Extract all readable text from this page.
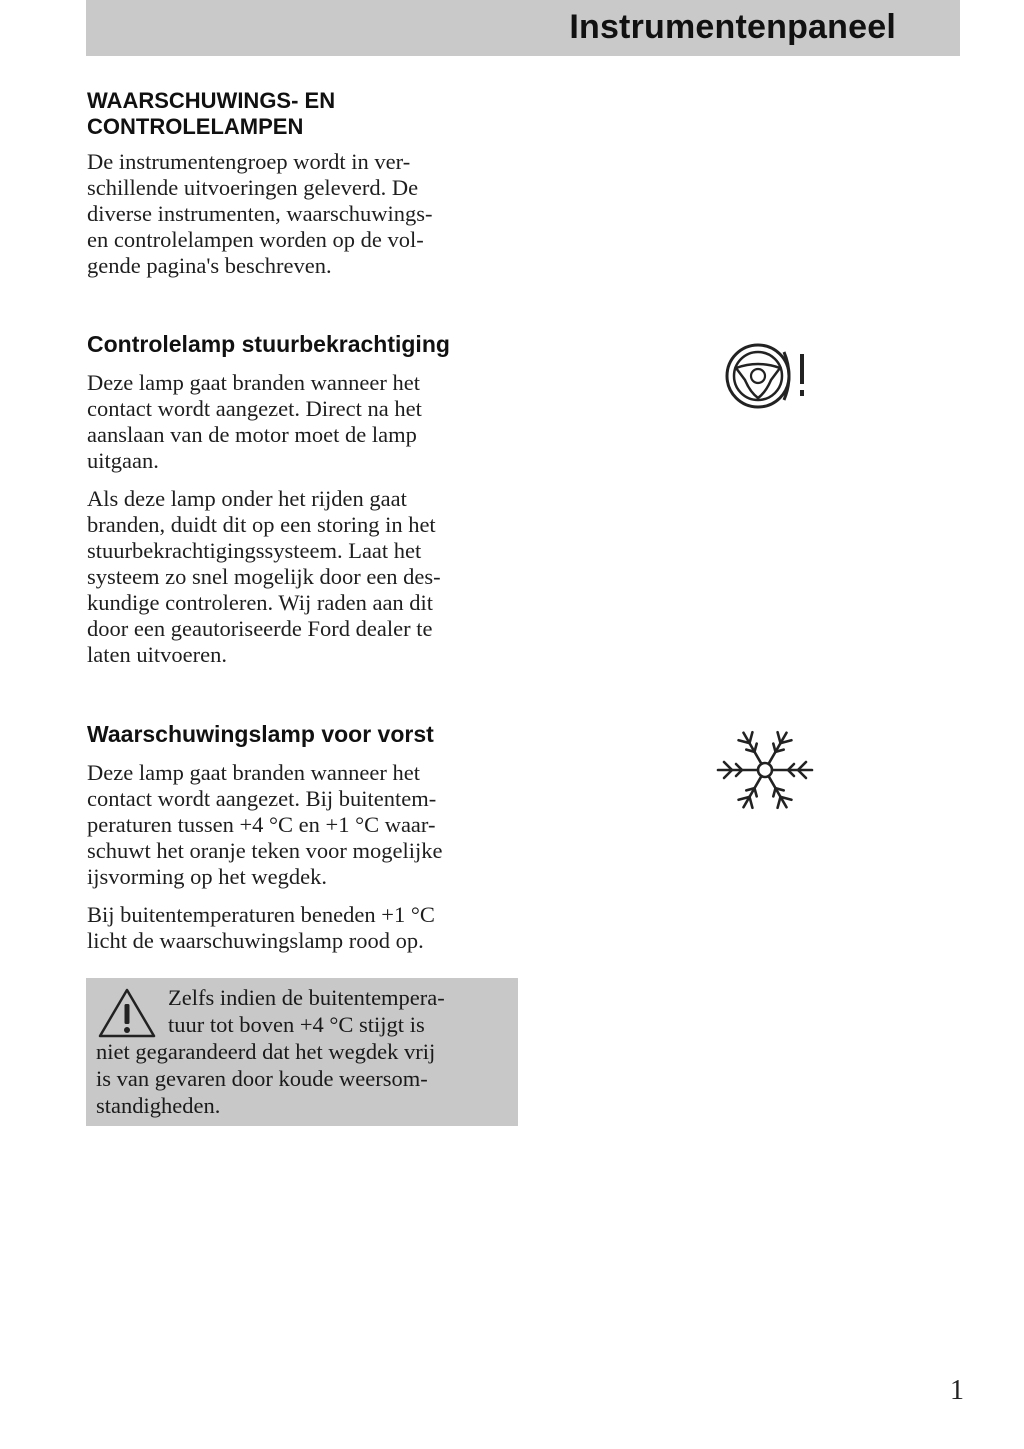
Instrumentenpaneel

WAARSCHUWINGS- EN

CONTROLELAMPEN

De instrumentengroep wordt in ver-

schillende uitvoeringen geleverd. De

diverse instrumenten, waarschuwings-

en controlelampen worden op de vol-

gende pagina's beschreven.

Controlelamp stuurbekrachtiging

Deze lamp gaat branden wanneer het

contact wordt aangezet. Direct na het

aanslaan van de motor moet de lamp

uitgaan.

Als deze lamp onder het rijden gaat

branden, duidt dit op een storing in het

stuurbekrachtigingssysteem. Laat het

systeem zo snel mogelijk door een des-

kundige controleren. Wij raden aan dit

door een geautoriseerde Ford dealer te

laten uitvoeren.

Waarschuwingslamp voor vorst

Deze lamp gaat branden wanneer het

contact wordt aangezet. Bij buitentem-

peraturen tussen +4 °C en +1 °C waar-

schuwt het oranje teken voor mogelijke

ijsvorming op het wegdek.

Bij buitentemperaturen beneden +1 °C

licht de waarschuwingslamp rood op.

Zelfs indien de buitentempera-
tuur tot boven +4 °C stijgt is
niet gegarandeerd dat het wegdek vrij
is van gevaren door koude weersom-
standigheden.
1
